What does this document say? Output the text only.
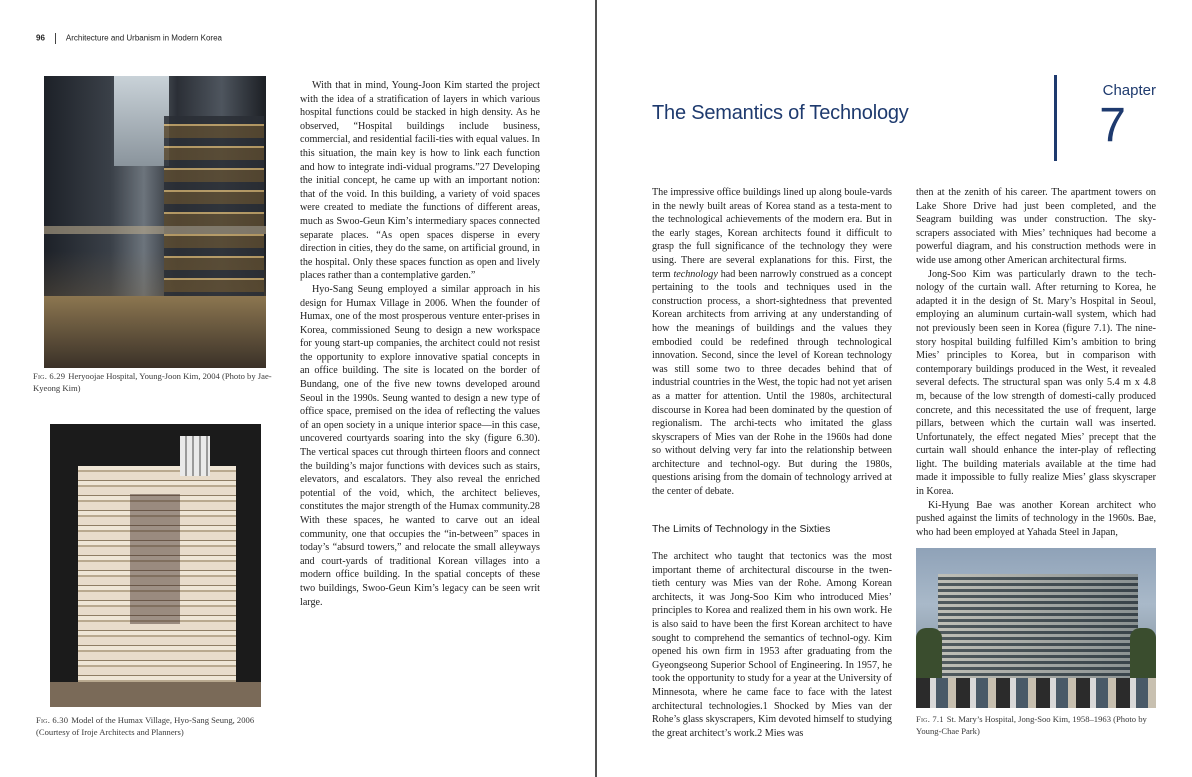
96	Architecture and Urbanism in Modern Korea
Fig. 6.29 Heryoojae Hospital, Young-Joon Kim, 2004 (Photo by Jae-Kyeong Kim)
Fig. 6.30 Model of the Humax Village, Hyo-Sang Seung, 2006 (Courtesy of Iroje Architects and Planners)

With that in mind, Young-Joon Kim started the project with the idea of a stratification of layers in which various hospital functions could be stacked in high density. As he observed, “Hospital buildings include business, commercial, and residential facili-ties with equal values. In this situation, the main key is how to link each function and how to integrate indi-vidual programs.”27 Developing the initial concept, he came up with an important notion: that of the void. In this building, a variety of void spaces were created to mediate the functions of different areas, much as Swoo-Geun Kim’s intermediary spaces connected separate places. “As open spaces disperse in every direction in cities, they do the same, on artificial ground, in the hospital. Only these spaces function as open and lively places rather than a contemplative garden.”

Hyo-Sang Seung employed a similar approach in his design for Humax Village in 2006. When the founder of Humax, one of the most prosperous venture enter-prises in Korea, commissioned Seung to design a new workspace for young start-up companies, the architect could not resist the opportunity to explore innovative spatial concepts in an office building. The site is located on the border of Bundang, one of the five new towns developed around Seoul in the 1990s. Seung wanted to design a new type of office space, premised on the idea of reflecting the values of an open society in a unique interior space—in this case, uncovered courtyards soaring into the sky (figure 6.30). The vertical spaces cut through thirteen floors and connect the building’s major functions with devices such as stairs, elevators, and escalators. They also reveal the enriched potential of the void, which, the architect believes, constitutes the major strength of the Humax community.28 With these spaces, he wanted to carve out an ideal community, one that occupies the “in-between” spaces in today’s “absurd towers,” and relocate the small alleyways and court-yards of traditional Korean villages into a modern office building. In the spatial concepts of these two buildings, Swoo-Geun Kim’s legacy can be seen writ large.

The Semantics of Technology
Chapter
7

The impressive office buildings lined up along boule-vards in the newly built areas of Korea stand as a testa-ment to the technological achievements of the modern era. But in the early stages, Korean architects found it difficult to grasp the full significance of the technology they were using. There are several explanations for this. First, the term technology had been narrowly construed as a concept pertaining to the tools and techniques used in the construction process, a short-sightedness that prevented Korean architects from arriving at any understanding of how the meanings of buildings and the values they embodied could be redefined through technological innovation. Second, since the level of Korean technology was still some two to three decades behind that of industrial countries in the West, the topic had not yet arisen as a matter for attention. Until the 1980s, architectural discourse in Korea had been dominated by the question of regionalism. The archi-tects who imitated the glass skyscrapers of Mies van der Rohe in the 1960s had done so without delving very far into the relationship between architecture and technol-ogy. But during the 1980s, questions arising from the domain of technology arrived at the center of debate.

The Limits of Technology in the Sixties

The architect who taught that tectonics was the most important theme of architectural discourse in the twen-tieth century was Mies van der Rohe. Among Korean architects, it was Jong-Soo Kim who introduced Mies’ principles to Korea and realized them in his own work. He is also said to have been the first Korean architect to have sought to comprehend the semantics of technol-ogy. Kim opened his own firm in 1953 after graduating from the Gyeongseong Superior School of Engineering. In 1957, he took the opportunity to study for a year at the University of Minnesota, where he came face to face with the latest architectural technologies.1 Shocked by Mies van der Rohe’s glass skyscrapers, Kim devoted himself to studying the great architect’s work.2 Mies was

then at the zenith of his career. The apartment towers on Lake Shore Drive had just been completed, and the Seagram building was under construction. The sky-scrapers associated with Mies’ techniques had become a powerful diagram, and his construction methods were in wide use among other American architectural firms.

Jong-Soo Kim was particularly drawn to the tech-nology of the curtain wall. After returning to Korea, he adapted it in the design of St. Mary’s Hospital in Seoul, employing an aluminum curtain-wall system, which had not previously been seen in Korea (figure 7.1). The nine-story hospital building fulfilled Kim’s ambition to bring Mies’ principles to Korea, but in comparison with contemporary buildings produced in the West, it revealed several defects. The structural span was only 5.4 m x 4.8 m, because of the low strength of domesti-cally produced concrete, and this necessitated the use of frequent, large pillars, between which the curtain wall was inserted. Unfortunately, the effect negated Mies’ precept that the curtain wall should enhance the inter-play of reflecting light. The building materials available at the time had made it impossible to fully realize Mies’ glass skyscraper in Korea.

Ki-Hyung Bae was another Korean architect who pushed against the limits of technology in the 1960s. Bae, who had been employed at Yahada Steel in Japan,

Fig. 7.1 St. Mary’s Hospital, Jong-Soo Kim, 1958–1963 (Photo by Young-Chae Park)
